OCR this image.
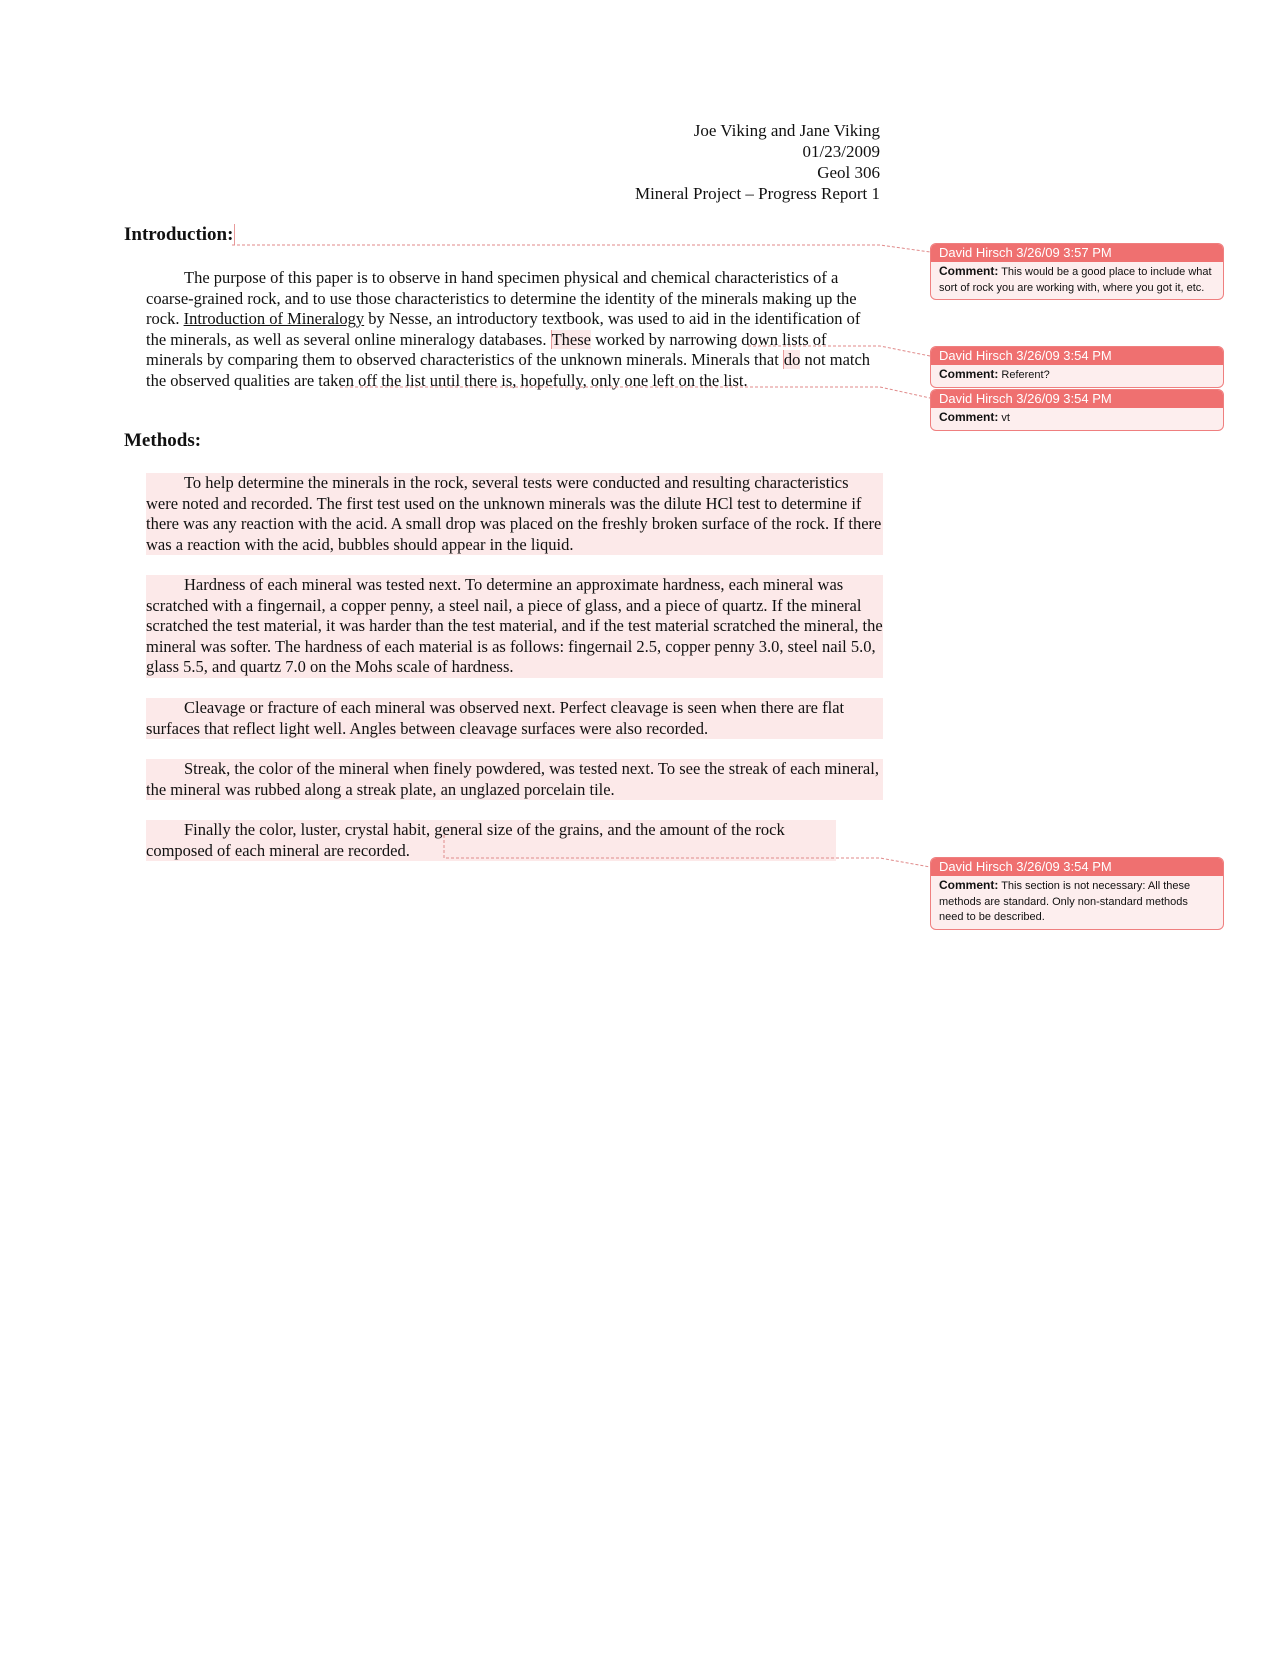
Joe Viking and Jane Viking
01/23/2009
Geol 306
Mineral Project – Progress Report 1
Introduction:
The purpose of this paper is to observe in hand specimen physical and chemical characteristics of a coarse-grained rock, and to use those characteristics to determine the identity of the minerals making up the rock. Introduction of Mineralogy by Nesse, an introductory textbook, was used to aid in the identification of the minerals, as well as several online mineralogy databases. These worked by narrowing down lists of minerals by comparing them to observed characteristics of the unknown minerals. Minerals that do not match the observed qualities are taken off the list until there is, hopefully, only one left on the list.
Methods:
To help determine the minerals in the rock, several tests were conducted and resulting characteristics were noted and recorded. The first test used on the unknown minerals was the dilute HCl test to determine if there was any reaction with the acid. A small drop was placed on the freshly broken surface of the rock. If there was a reaction with the acid, bubbles should appear in the liquid.
Hardness of each mineral was tested next. To determine an approximate hardness, each mineral was scratched with a fingernail, a copper penny, a steel nail, a piece of glass, and a piece of quartz. If the mineral scratched the test material, it was harder than the test material, and if the test material scratched the mineral, the mineral was softer. The hardness of each material is as follows: fingernail 2.5, copper penny 3.0, steel nail 5.0, glass 5.5, and quartz 7.0 on the Mohs scale of hardness.
Cleavage or fracture of each mineral was observed next. Perfect cleavage is seen when there are flat surfaces that reflect light well. Angles between cleavage surfaces were also recorded.
Streak, the color of the mineral when finely powdered, was tested next. To see the streak of each mineral, the mineral was rubbed along a streak plate, an unglazed porcelain tile.
Finally the color, luster, crystal habit, general size of the grains, and the amount of the rock composed of each mineral are recorded.
David Hirsch 3/26/09 3:57 PM
Comment: This would be a good place to include what sort of rock you are working with, where you got it, etc.
David Hirsch 3/26/09 3:54 PM
Comment: Referent?
David Hirsch 3/26/09 3:54 PM
Comment: vt
David Hirsch 3/26/09 3:54 PM
Comment: This section is not necessary: All these methods are standard. Only non-standard methods need to be described.
